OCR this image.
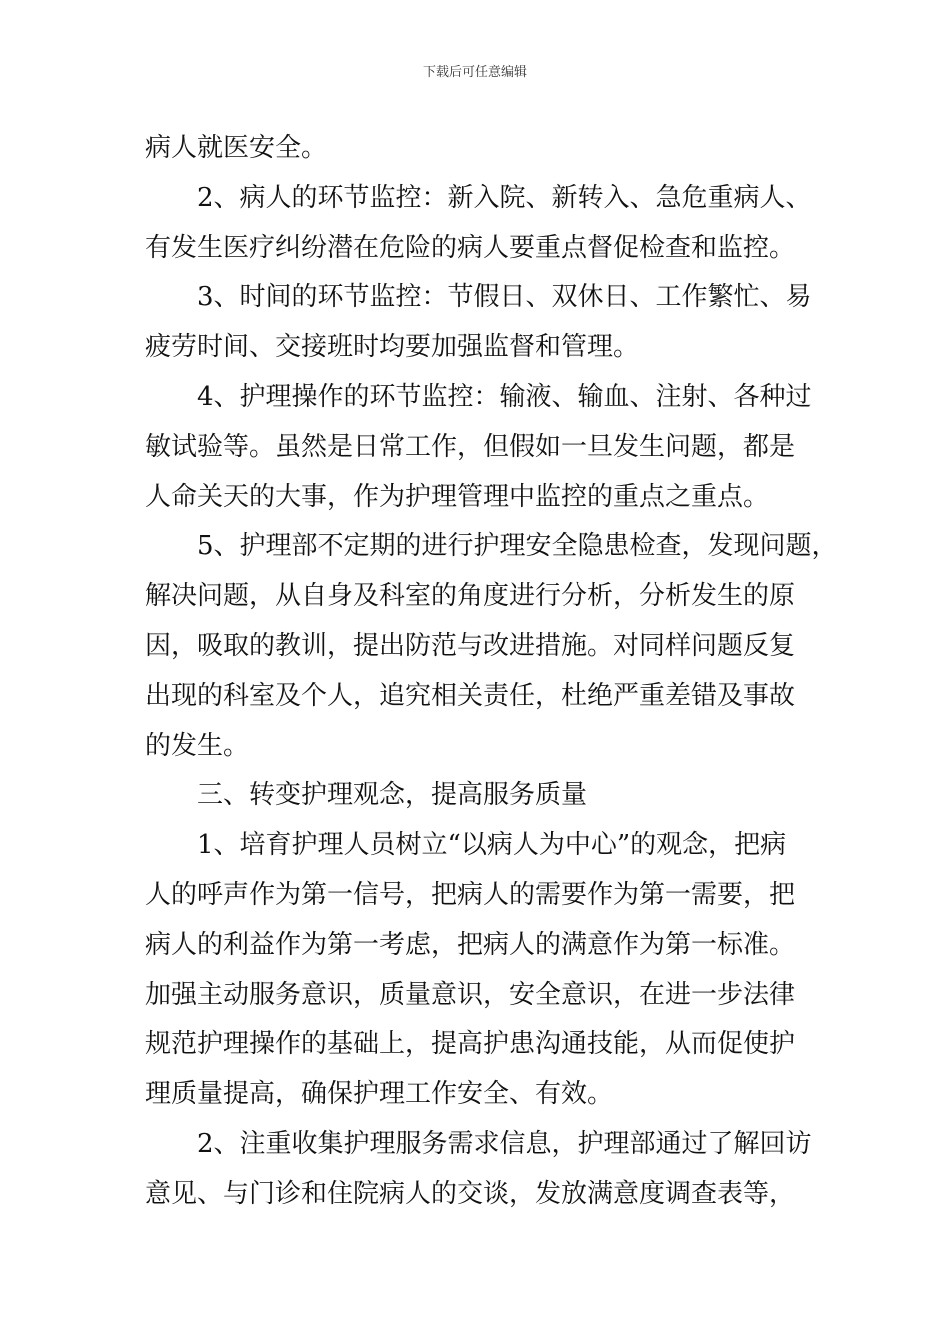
下载后可任意编辑
病人就医安全。
2、病人的环节监控：新入院、新转入、急危重病人、
有发生医疗纠纷潜在危险的病人要重点督促检查和监控。
3、时间的环节监控：节假日、双休日、工作繁忙、易
疲劳时间、交接班时均要加强监督和管理。
4、护理操作的环节监控：输液、输血、注射、各种过
敏试验等。虽然是日常工作，但假如一旦发生问题，都是
人命关天的大事，作为护理管理中监控的重点之重点。
5、护理部不定期的进行护理安全隐患检查，发现问题，
解决问题，从自身及科室的角度进行分析，分析发生的原
因，吸取的教训，提出防范与改进措施。对同样问题反复
出现的科室及个人，追究相关责任，杜绝严重差错及事故
的发生。
三、转变护理观念，提高服务质量
1、培育护理人员树立“以病人为中心”的观念，把病
人的呼声作为第一信号，把病人的需要作为第一需要，把
病人的利益作为第一考虑，把病人的满意作为第一标准。
加强主动服务意识，质量意识，安全意识，在进一步法律
规范护理操作的基础上，提高护患沟通技能，从而促使护
理质量提高，确保护理工作安全、有效。
2、注重收集护理服务需求信息，护理部通过了解回访
意见、与门诊和住院病人的交谈，发放满意度调查表等，
